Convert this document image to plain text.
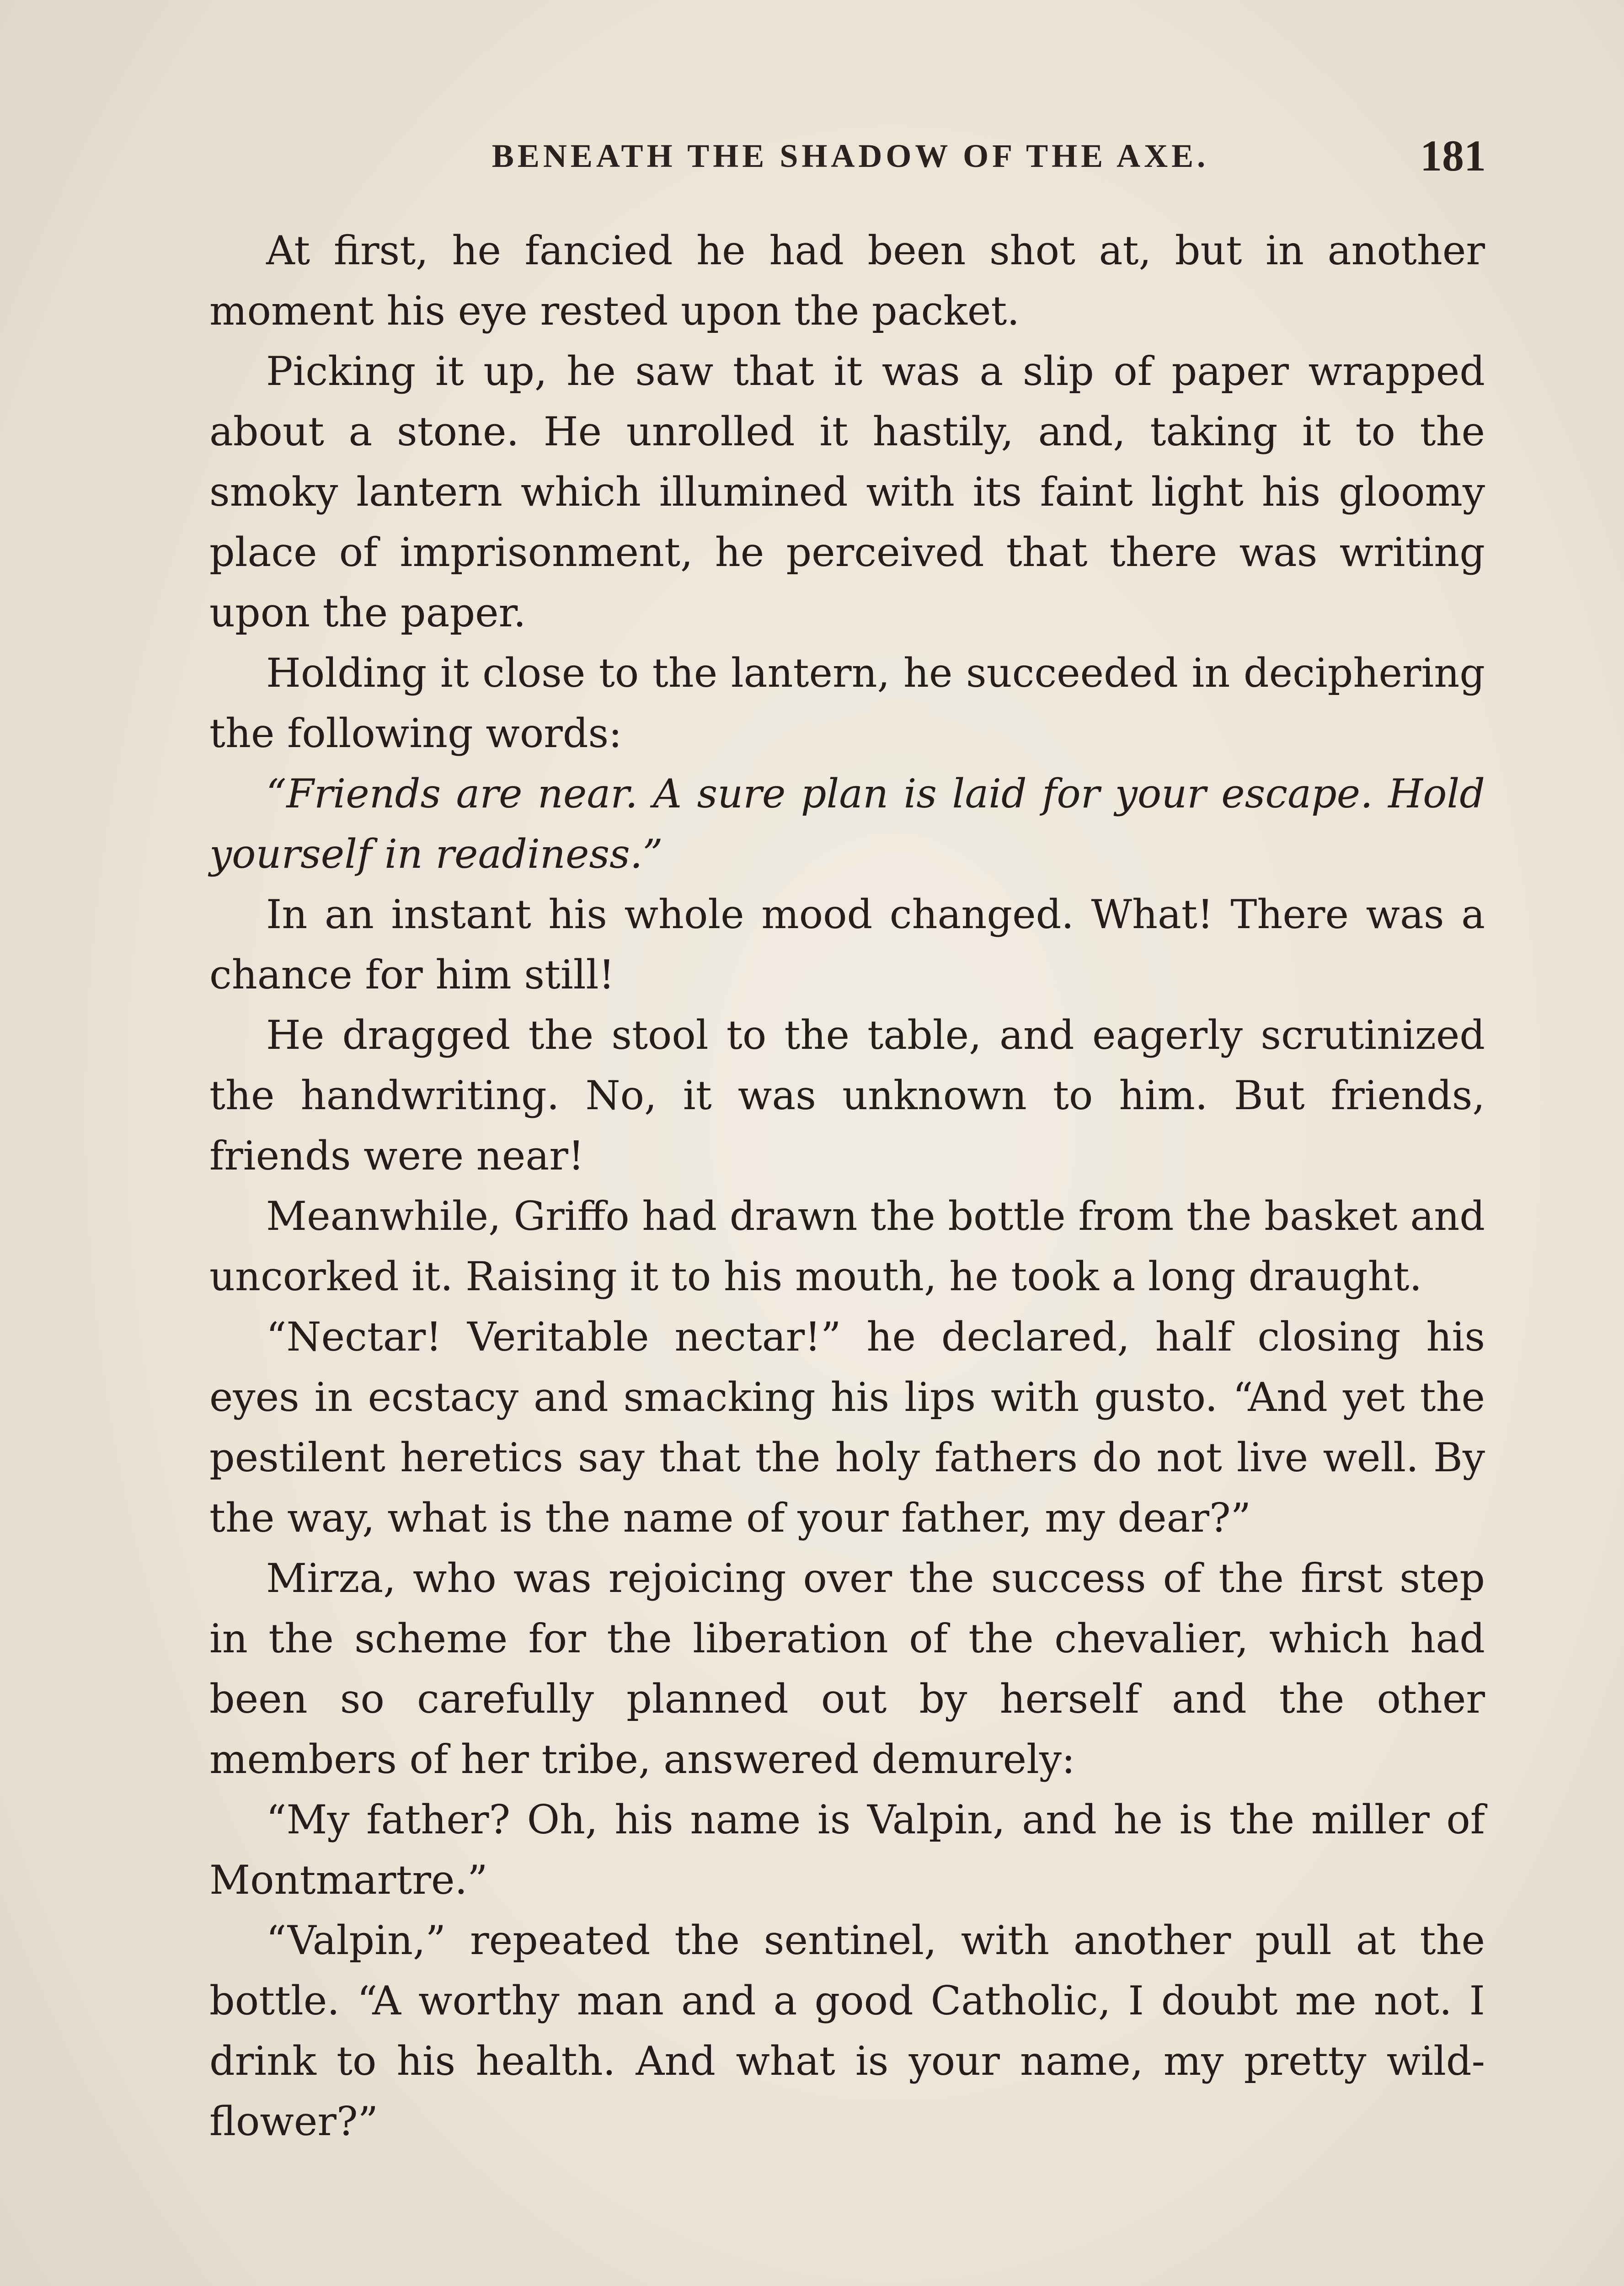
BENEATH THE SHADOW OF THE AXE.	181

At first, he fancied he had been shot at, but in another moment his eye rested upon the packet.

Picking it up, he saw that it was a slip of paper wrapped about a stone. He unrolled it hastily, and, taking it to the smoky lantern which illumined with its faint light his gloomy place of imprisonment, he perceived that there was writing upon the paper.

Holding it close to the lantern, he succeeded in deciphering the following words:

“Friends are near. A sure plan is laid for your escape. Hold yourself in readiness.”

In an instant his whole mood changed. What! There was a chance for him still!

He dragged the stool to the table, and eagerly scrutinized the handwriting. No, it was unknown to him. But friends, friends were near!

Meanwhile, Griffo had drawn the bottle from the basket and uncorked it. Raising it to his mouth, he took a long draught.

“Nectar! Veritable nectar!” he declared, half closing his eyes in ecstacy and smacking his lips with gusto. “And yet the pestilent heretics say that the holy fathers do not live well. By the way, what is the name of your father, my dear?”

Mirza, who was rejoicing over the success of the first step in the scheme for the liberation of the chevalier, which had been so carefully planned out by herself and the other members of her tribe, answered demurely:

“My father? Oh, his name is Valpin, and he is the miller of Montmartre.”

“Valpin,” repeated the sentinel, with another pull at the bottle. “A worthy man and a good Catholic, I doubt me not. I drink to his health. And what is your name, my pretty wild-flower?”
